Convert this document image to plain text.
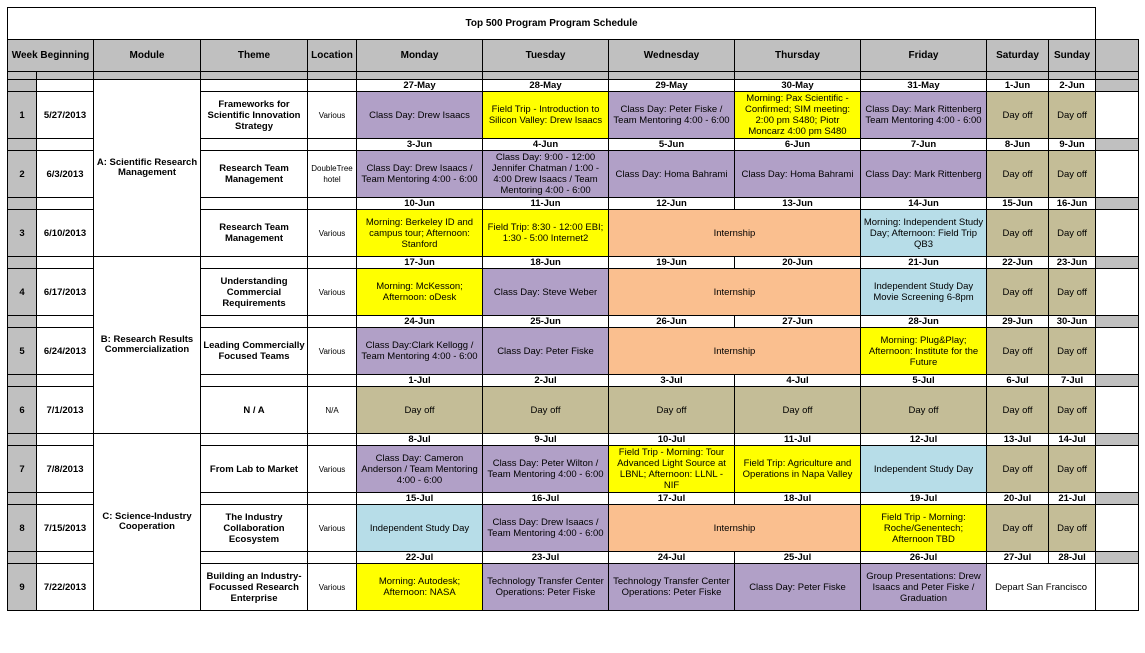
Top 500 Program Program Schedule												
Week Beginning		Module	Theme	Location	Monday	Tuesday	Wednesday	Thursday	Friday	Saturday	Sunday	

		A: Scientific Research Management			27-May	28-May	29-May	30-May	31-May	1-Jun	2-Jun	
1	5/27/2013		Frameworks for Scientific Innovation Strategy	Various	Class Day: Drew Isaacs	Field Trip - Introduction to Silicon Valley: Drew Isaacs	Class Day: Peter Fiske / Team Mentoring 4:00 - 6:00	Morning: Pax Scientific - Confirmed; SIM meeting: 2:00 pm S480; Piotr Moncarz 4:00 pm S480	Class Day: Mark Rittenberg Team Mentoring 4:00 - 6:00	Day off	Day off	
					3-Jun	4-Jun	5-Jun	6-Jun	7-Jun	8-Jun	9-Jun	
2	6/3/2013		Research Team Management	DoubleTree hotel	Class Day: Drew Isaacs / Team Mentoring 4:00 - 6:00	Class Day: 9:00 - 12:00 Jennifer Chatman / 1:00 - 4:00 Drew Isaacs / Team Mentoring 4:00 - 6:00	Class Day: Homa Bahrami	Class Day: Homa Bahrami	Class Day: Mark Rittenberg	Day off	Day off	
					10-Jun	11-Jun	12-Jun	13-Jun	14-Jun	15-Jun	16-Jun	
3	6/10/2013		Research Team Management	Various	Morning: Berkeley ID and campus tour; Afternoon: Stanford	Field Trip: 8:30 - 12:00 EBI; 1:30 - 5:00 Internet2	Internship		Morning: Independent Study Day; Afternoon: Field Trip QB3	Day off	Day off	
		B: Research Results Commercialization			17-Jun	18-Jun	19-Jun	20-Jun	21-Jun	22-Jun	23-Jun	
4	6/17/2013		Understanding Commercial Requirements	Various	Morning: McKesson; Afternoon: oDesk	Class Day: Steve Weber	Internship		Independent Study Day Movie Screening 6-8pm	Day off	Day off	
					24-Jun	25-Jun	26-Jun	27-Jun	28-Jun	29-Jun	30-Jun	
5	6/24/2013		Leading Commercially Focused Teams	Various	Class Day:Clark Kellogg / Team Mentoring 4:00 - 6:00	Class Day: Peter Fiske	Internship		Morning: Plug&Play; Afternoon: Institute for the Future	Day off	Day off	
					1-Jul	2-Jul	3-Jul	4-Jul	5-Jul	6-Jul	7-Jul	
6	7/1/2013		N / A	N/A	Day off	Day off	Day off	Day off	Day off	Day off	Day off	
		C: Science-Industry Cooperation			8-Jul	9-Jul	10-Jul	11-Jul	12-Jul	13-Jul	14-Jul	
7	7/8/2013		From Lab to Market	Various	Class Day: Cameron Anderson / Team Mentoring 4:00 - 6:00	Class Day: Peter Wilton / Team Mentoring 4:00 - 6:00	Field Trip - Morning: Tour Advanced Light Source at LBNL; Afternoon: LLNL - NIF	Field Trip: Agriculture and Operations in Napa Valley	Independent Study Day	Day off	Day off	
					15-Jul	16-Jul	17-Jul	18-Jul	19-Jul	20-Jul	21-Jul	
8	7/15/2013		The Industry Collaboration Ecosystem	Various	Independent Study Day	Class Day: Drew Isaacs / Team Mentoring 4:00 - 6:00	Internship		Field Trip - Morning: Roche/Genentech; Afternoon TBD	Day off	Day off	
					22-Jul	23-Jul	24-Jul	25-Jul	26-Jul	27-Jul	28-Jul	
9	7/22/2013		Building an Industry-Focussed Research Enterprise	Various	Morning: Autodesk; Afternoon: NASA	Technology Transfer Center Operations: Peter Fiske	Technology Transfer Center Operations: Peter Fiske	Class Day: Peter Fiske	Group Presentations: Drew Isaacs and Peter Fiske / Graduation	Depart San Francisco		
